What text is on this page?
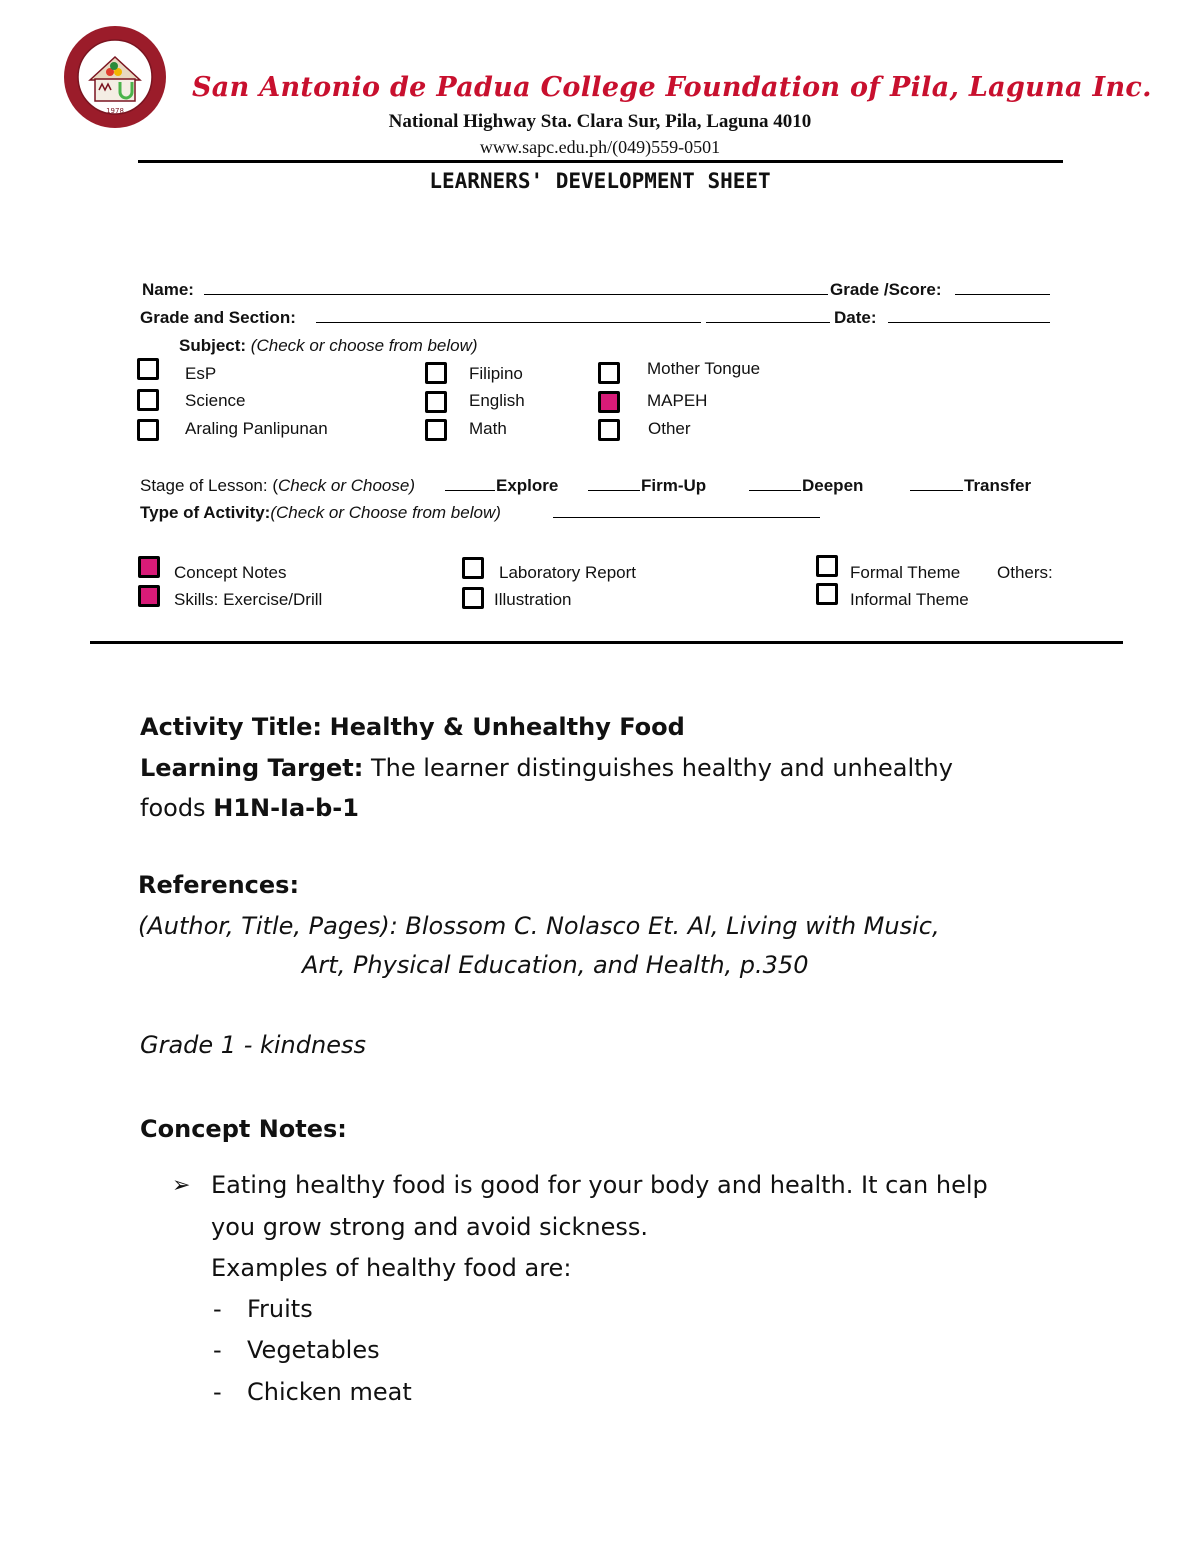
1978
San Antonio de Padua College Foundation of Pila, Laguna Inc.
National Highway Sta. Clara Sur, Pila, Laguna 4010
www.sapc.edu.ph/(049)559-0501
LEARNERS' DEVELOPMENT SHEET
Name:	Grade /Score:
Grade and Section:	Date:
Subject: (Check or choose from below)
EsP
Science
Araling Panlipunan
Filipino
English
Math
Mother Tongue
MAPEH
Other
Stage of Lesson: (Check or Choose)	Explore	Firm-Up	Deepen	Transfer
Type of Activity:(Check or Choose from below)
Concept Notes
Skills: Exercise/Drill
Laboratory Report
Illustration
Formal Theme Others:
Informal Theme
Activity Title: Healthy & Unhealthy Food
Learning Target: The learner distinguishes healthy and unhealthy
foods H1N-Ia-b-1
References:
(Author, Title, Pages): Blossom C. Nolasco Et. Al, Living with Music,
Art, Physical Education, and Health, p.350
Grade 1 - kindness
Concept Notes:
➢ Eating healthy food is good for your body and health. It can help
you grow strong and avoid sickness.
Examples of healthy food are:
- Fruits
- Vegetables
- Chicken meat
